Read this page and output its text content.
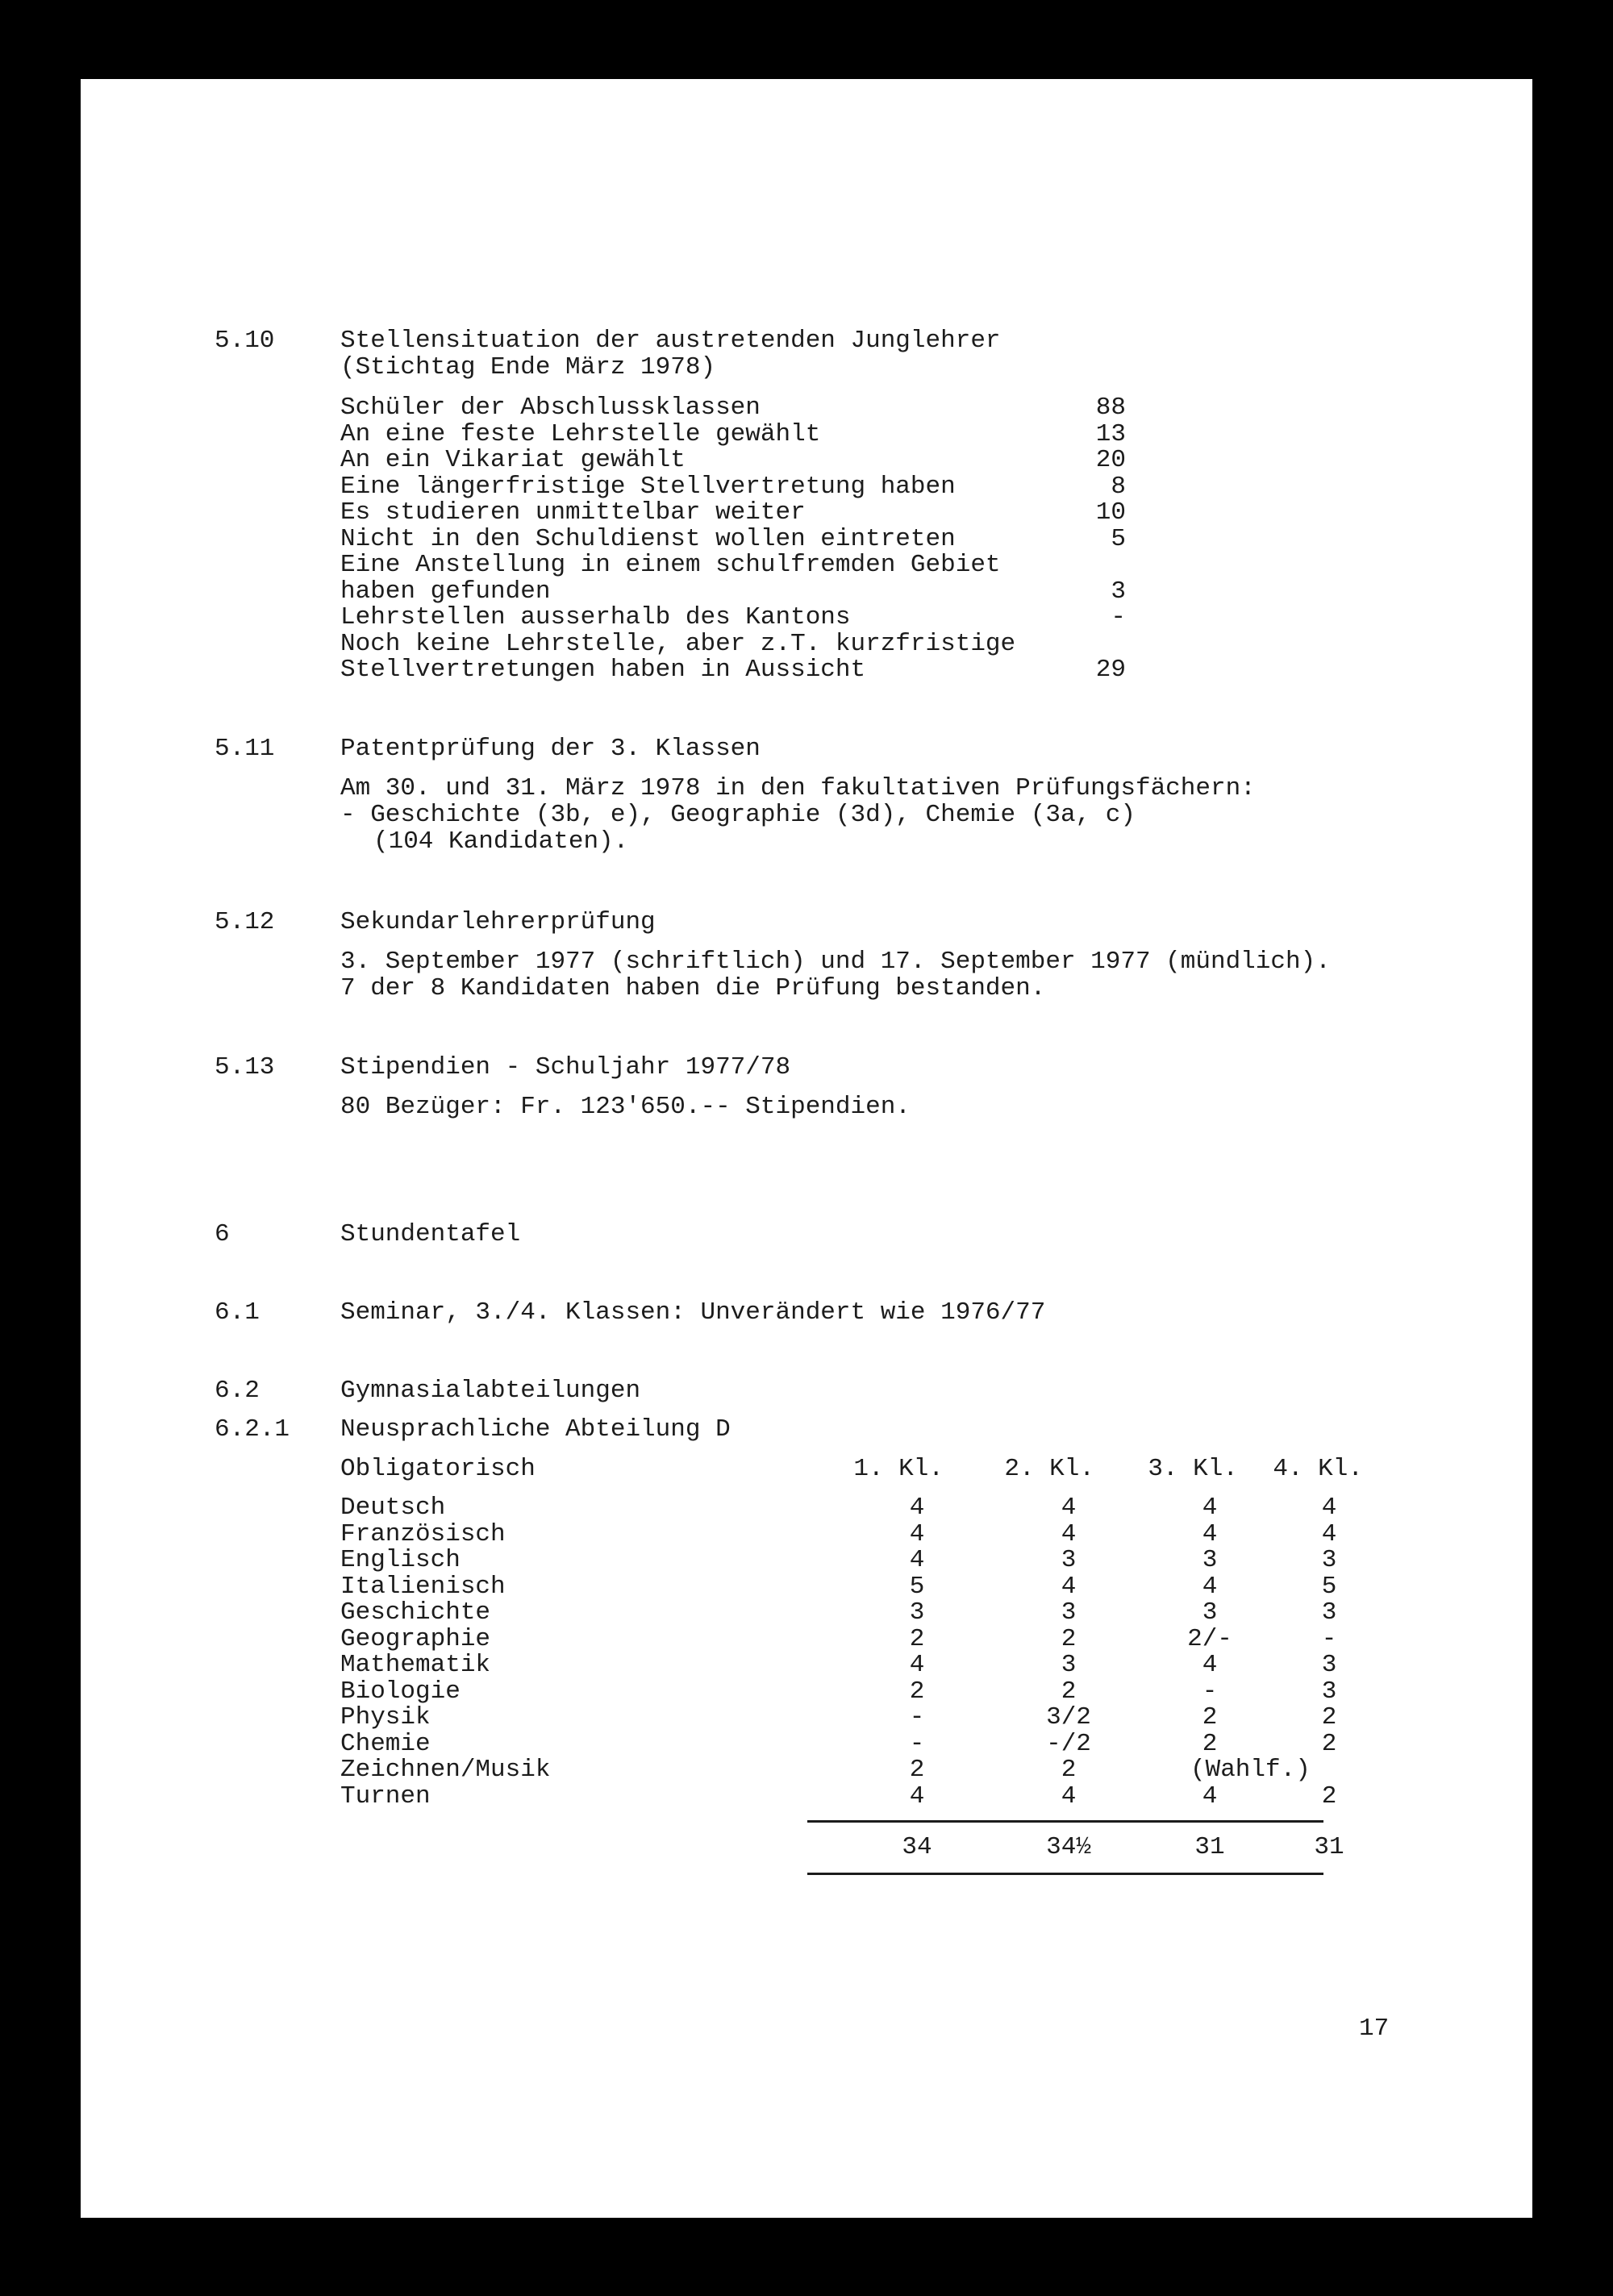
5.10	Stellensituation der austretenden Junglehrer
(Stichtag Ende März 1978)
Schüler der Abschlussklassen	88
An eine feste Lehrstelle gewählt	13
An ein Vikariat gewählt	20
Eine längerfristige Stellvertretung haben	8
Es studieren unmittelbar weiter	10
Nicht in den Schuldienst wollen eintreten	5
Eine Anstellung in einem schulfremden Gebiet
haben gefunden	3
Lehrstellen ausserhalb des Kantons	-
Noch keine Lehrstelle, aber z.T. kurzfristige
Stellvertretungen haben in Aussicht	29
5.11	Patentprüfung der 3. Klassen
Am 30. und 31. März 1978 in den fakultativen Prüfungsfächern:
- Geschichte (3b, e), Geographie (3d), Chemie (3a, c)
(104 Kandidaten).
5.12	Sekundarlehrerprüfung
3. September 1977 (schriftlich) und 17. September 1977 (mündlich).
7 der 8 Kandidaten haben die Prüfung bestanden.
5.13	Stipendien - Schuljahr 1977/78
80 Bezüger: Fr. 123'650.-- Stipendien.
6	Stundentafel
6.1	Seminar, 3./4. Klassen: Unverändert wie 1976/77
6.2	Gymnasialabteilungen
6.2.1 Neusprachliche Abteilung D
Obligatorisch	1. Kl.	2. Kl.	3. Kl.	4. Kl.
Deutsch	4	4	4	4
Französisch	4	4	4	4
Englisch	4	3	3	3
Italienisch	5	4	4	5
Geschichte	3	3	3	3
Geographie	2	2	2/-	-
Mathematik	4	3	4	3
Biologie	2	2	-	3
Physik	-	3/2	2	2
Chemie	-	-/2	2	2
Zeichnen/Musik	2	2	(Wahlf.)
Turnen	4	4	4	2
34	34½	31	31
17
